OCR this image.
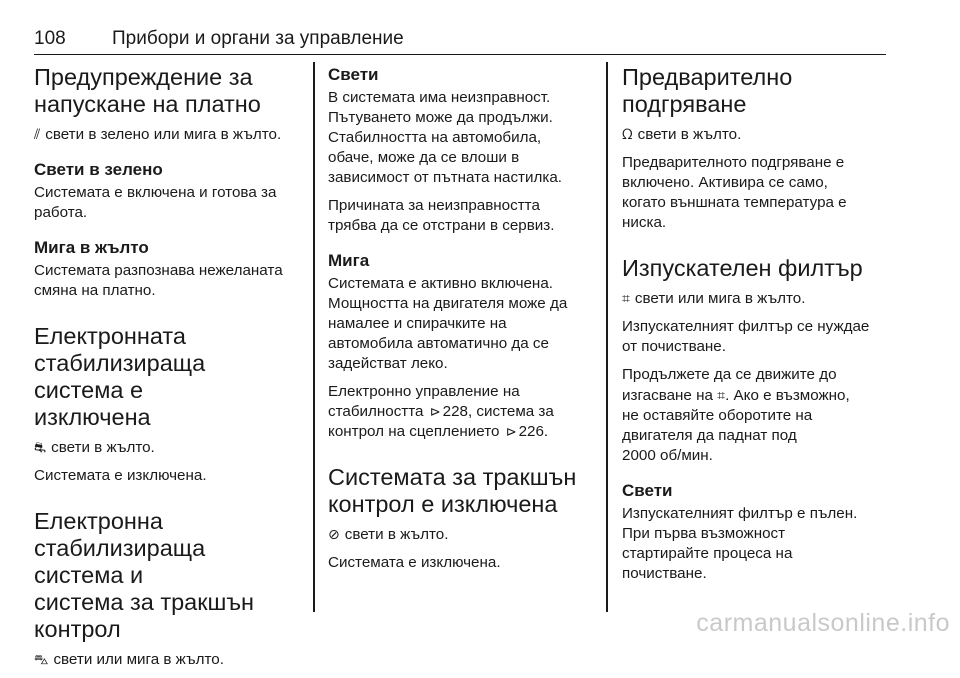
108 Прибори и органи за управление
Предупреждение за
напускане на платно

⫽ свети в зелено или мига в жълто.

Свети в зелено

Системата е включена и готова за
работа.

Мига в жълто

Системата разпознава нежеланата
смяна на платно.

Електронната
стабилизираща система е
изключена

⛐ свети в жълто.

Системата е изключена.

Електронна
стабилизираща система и
система за тракшън
контрол

⛍ свети или мига в жълто.

Свети

В системата има неизправност.
Пътуването може да продължи.
Стабилността на автомобила,
обаче, може да се влоши в
зависимост от пътната настилка.

Причината за неизправността
трябва да се отстрани в сервиз.

Мига

Системата е активно включена.
Мощността на двигателя може да
намалее и спирачките на
автомобила автоматично да се
задействат леко.

Електронно управление на
стабилността ⊳ 228, система за
контрол на сцеплението ⊳ 226.

Системата за тракшън
контрол е изключена

⊘ свети в жълто.

Системата е изключена.

Предварително
подгряване

ᘯ свети в жълто.

Предварителното подгряване е
включено. Активира се само,
когато външната температура е
ниска.

Изпускателен филтър

⌗ свети или мига в жълто.

Изпускателният филтър се нуждае
от почистване.

Продължете да се движите до
изгасване на ⌗. Ако е възможно,
не оставяйте оборотите на
двигателя да паднат под
2000 об/мин.

Свети

Изпускателният филтър е пълен.
При първа възможност
стартирайте процеса на
почистване.

carmanualsonline.info
